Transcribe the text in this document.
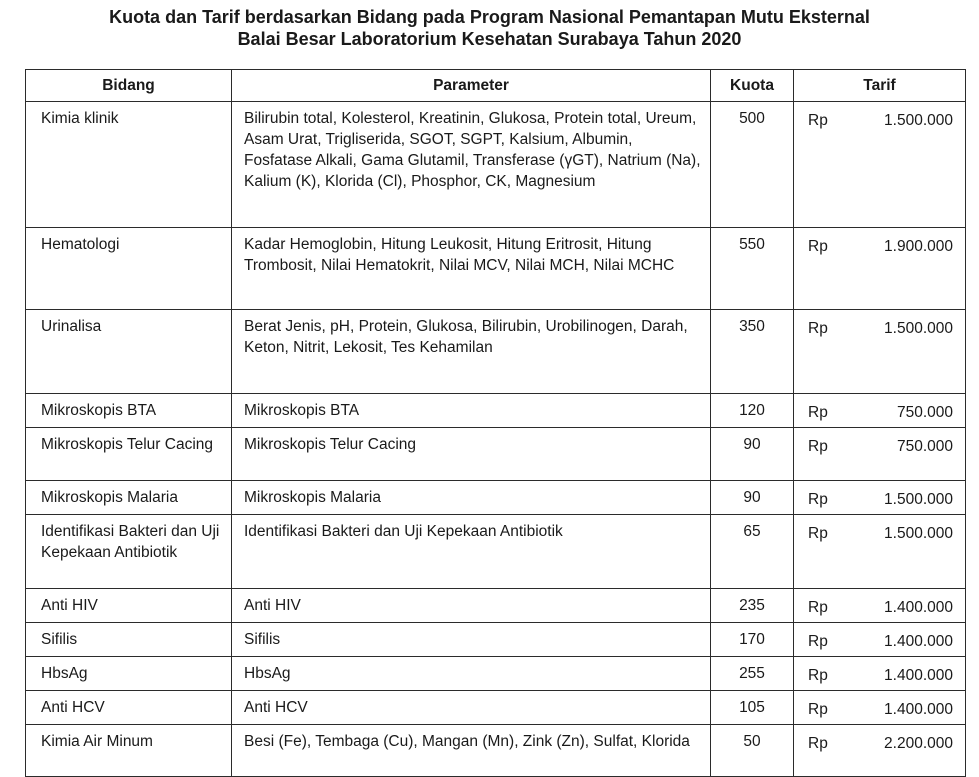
Kuota dan Tarif berdasarkan Bidang pada Program Nasional Pemantapan Mutu Eksternal
Balai Besar Laboratorium Kesehatan Surabaya Tahun 2020
Bidang	Parameter	Kuota	Tarif
Kimia klinik	Bilirubin total, Kolesterol, Kreatinin, Glukosa, Protein total, Ureum, Asam Urat, Trigliserida, SGOT, SGPT, Kalsium, Albumin, Fosfatase Alkali, Gama Glutamil, Transferase (γGT), Natrium (Na), Kalium (K), Klorida (Cl), Phosphor, CK, Magnesium	500	Rp 1.500.000

Hematologi	Kadar Hemoglobin, Hitung Leukosit, Hitung Eritrosit, Hitung Trombosit, Nilai Hematokrit, Nilai MCV, Nilai MCH, Nilai MCHC	550	Rp 1.900.000

Urinalisa	Berat Jenis, pH, Protein, Glukosa, Bilirubin, Urobilinogen, Darah, Keton, Nitrit, Lekosit, Tes Kehamilan	350	Rp 1.500.000

Mikroskopis BTA	Mikroskopis BTA	120	Rp 750.000

Mikroskopis Telur Cacing	Mikroskopis Telur Cacing	90	Rp 750.000

Mikroskopis Malaria	Mikroskopis Malaria	90	Rp 1.500.000

Identifikasi Bakteri dan Uji Kepekaan Antibiotik	Identifikasi Bakteri dan Uji Kepekaan Antibiotik	65	Rp 1.500.000

Anti HIV	Anti HIV	235	Rp 1.400.000

Sifilis	Sifilis	170	Rp 1.400.000

HbsAg	HbsAg	255	Rp 1.400.000

Anti HCV	Anti HCV	105	Rp 1.400.000

Kimia Air Minum	Besi (Fe), Tembaga (Cu), Mangan (Mn), Zink (Zn), Sulfat, Klorida	50	Rp 2.200.000
